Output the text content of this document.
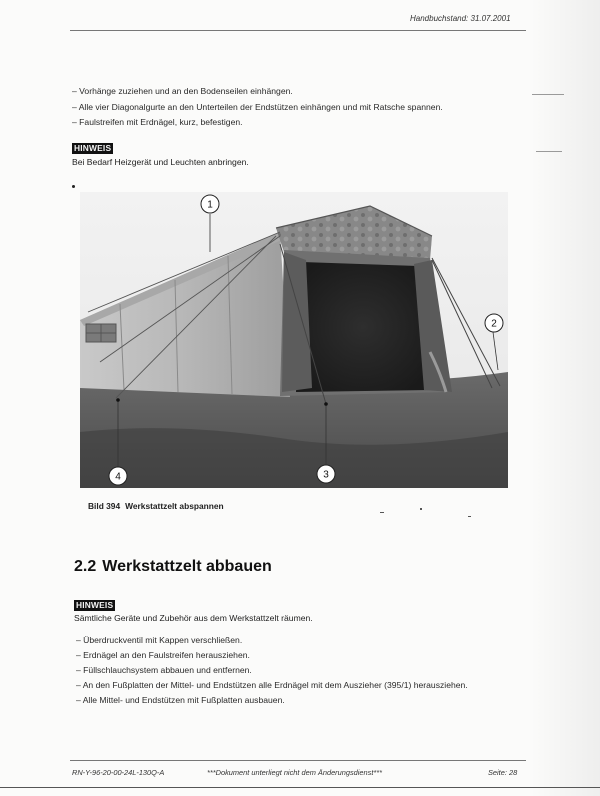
Handbuchstand: 31.07.2001
– Vorhänge zuziehen und an den Bodenseilen einhängen.
– Alle vier Diagonalgurte an den Unterteilen der Endstützen einhängen und mit Ratsche spannen.
– Faulstreifen mit Erdnägel, kurz, befestigen.
HINWEIS
Bei Bedarf Heizgerät und Leuchten anbringen.
1
2
3
4
Bild 394 Werkstattzelt abspannen
2.2 Werkstattzelt abbauen
HINWEIS
Sämtliche Geräte und Zubehör aus dem Werkstattzelt räumen.
– Überdruckventil mit Kappen verschließen.
– Erdnägel an den Faulstreifen herausziehen.
– Füllschlauchsystem abbauen und entfernen.
– An den Fußplatten der Mittel- und Endstützen alle Erdnägel mit dem Auszieher (395/1) herausziehen.
– Alle Mittel- und Endstützen mit Fußplatten ausbauen.
RN-Y-96-20-00-24L-130Q-A	***Dokument unterliegt nicht dem Änderungsdienst***	Seite: 28
